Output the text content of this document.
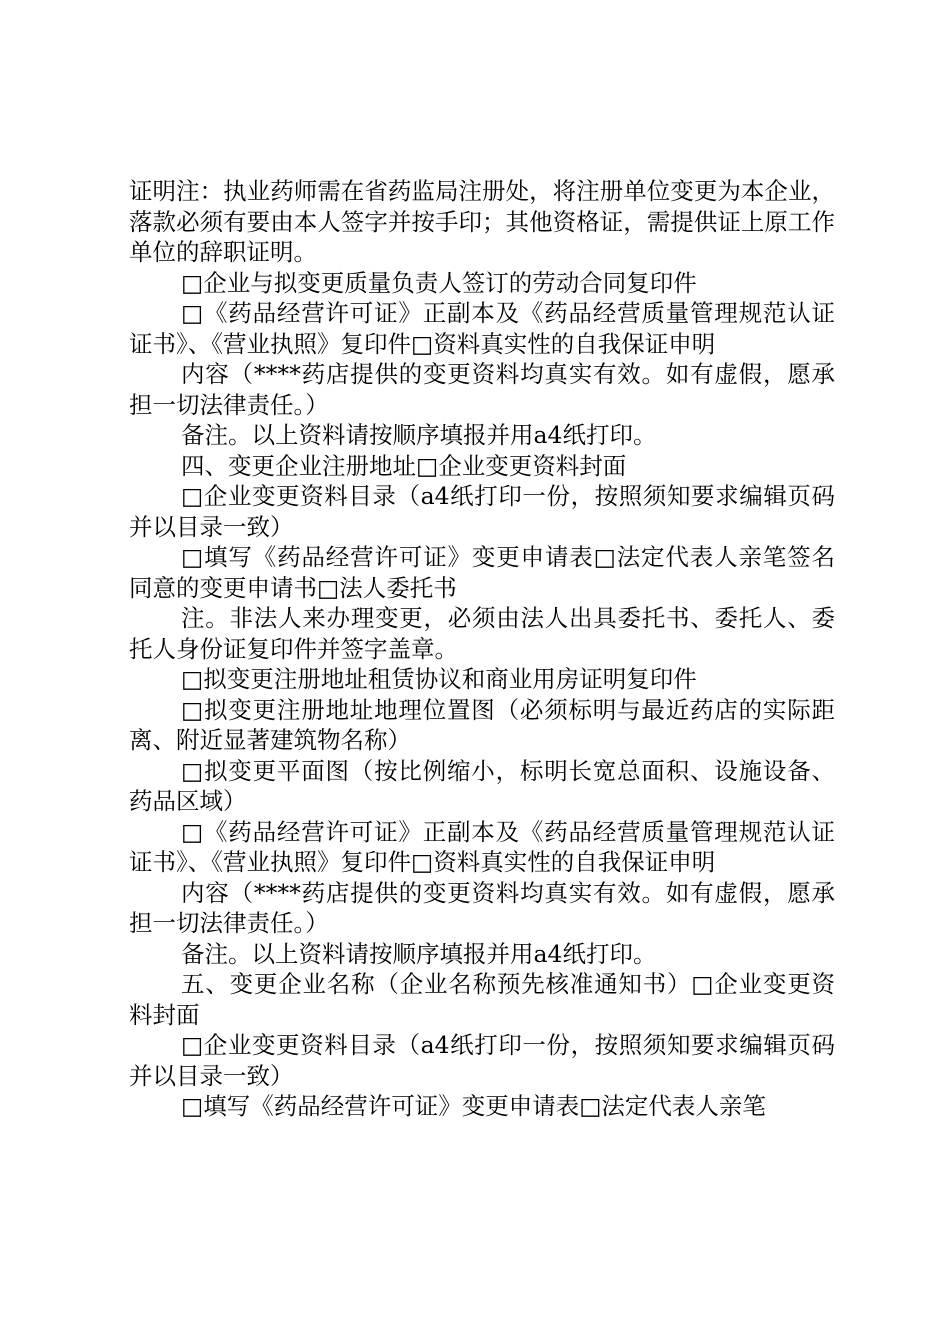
证明注：执业药师需在省药监局注册处，将注册单位变更为本企业，落款必须有要由本人签字并按手印；其他资格证，需提供证上原工作单位的辞职证明。

□企业与拟变更质量负责人签订的劳动合同复印件

□《药品经营许可证》正副本及《药品经营质量管理规范认证证书》、《营业执照》复印件□资料真实性的自我保证申明

内容（****药店提供的变更资料均真实有效。如有虚假，愿承担一切法律责任。）

备注。以上资料请按顺序填报并用a4纸打印。

四、变更企业注册地址□企业变更资料封面

□企业变更资料目录（a4纸打印一份，按照须知要求编辑页码并以目录一致）

□填写《药品经营许可证》变更申请表□法定代表人亲笔签名同意的变更申请书□法人委托书

注。非法人来办理变更，必须由法人出具委托书、委托人、委托人身份证复印件并签字盖章。

□拟变更注册地址租赁协议和商业用房证明复印件

□拟变更注册地址地理位置图（必须标明与最近药店的实际距离、附近显著建筑物名称）

□拟变更平面图（按比例缩小，标明长宽总面积、设施设备、药品区域）

□《药品经营许可证》正副本及《药品经营质量管理规范认证证书》、《营业执照》复印件□资料真实性的自我保证申明

内容（****药店提供的变更资料均真实有效。如有虚假，愿承担一切法律责任。）

备注。以上资料请按顺序填报并用a4纸打印。

五、变更企业名称（企业名称预先核准通知书）□企业变更资料封面

□企业变更资料目录（a4纸打印一份，按照须知要求编辑页码并以目录一致）

□填写《药品经营许可证》变更申请表□法定代表人亲笔
